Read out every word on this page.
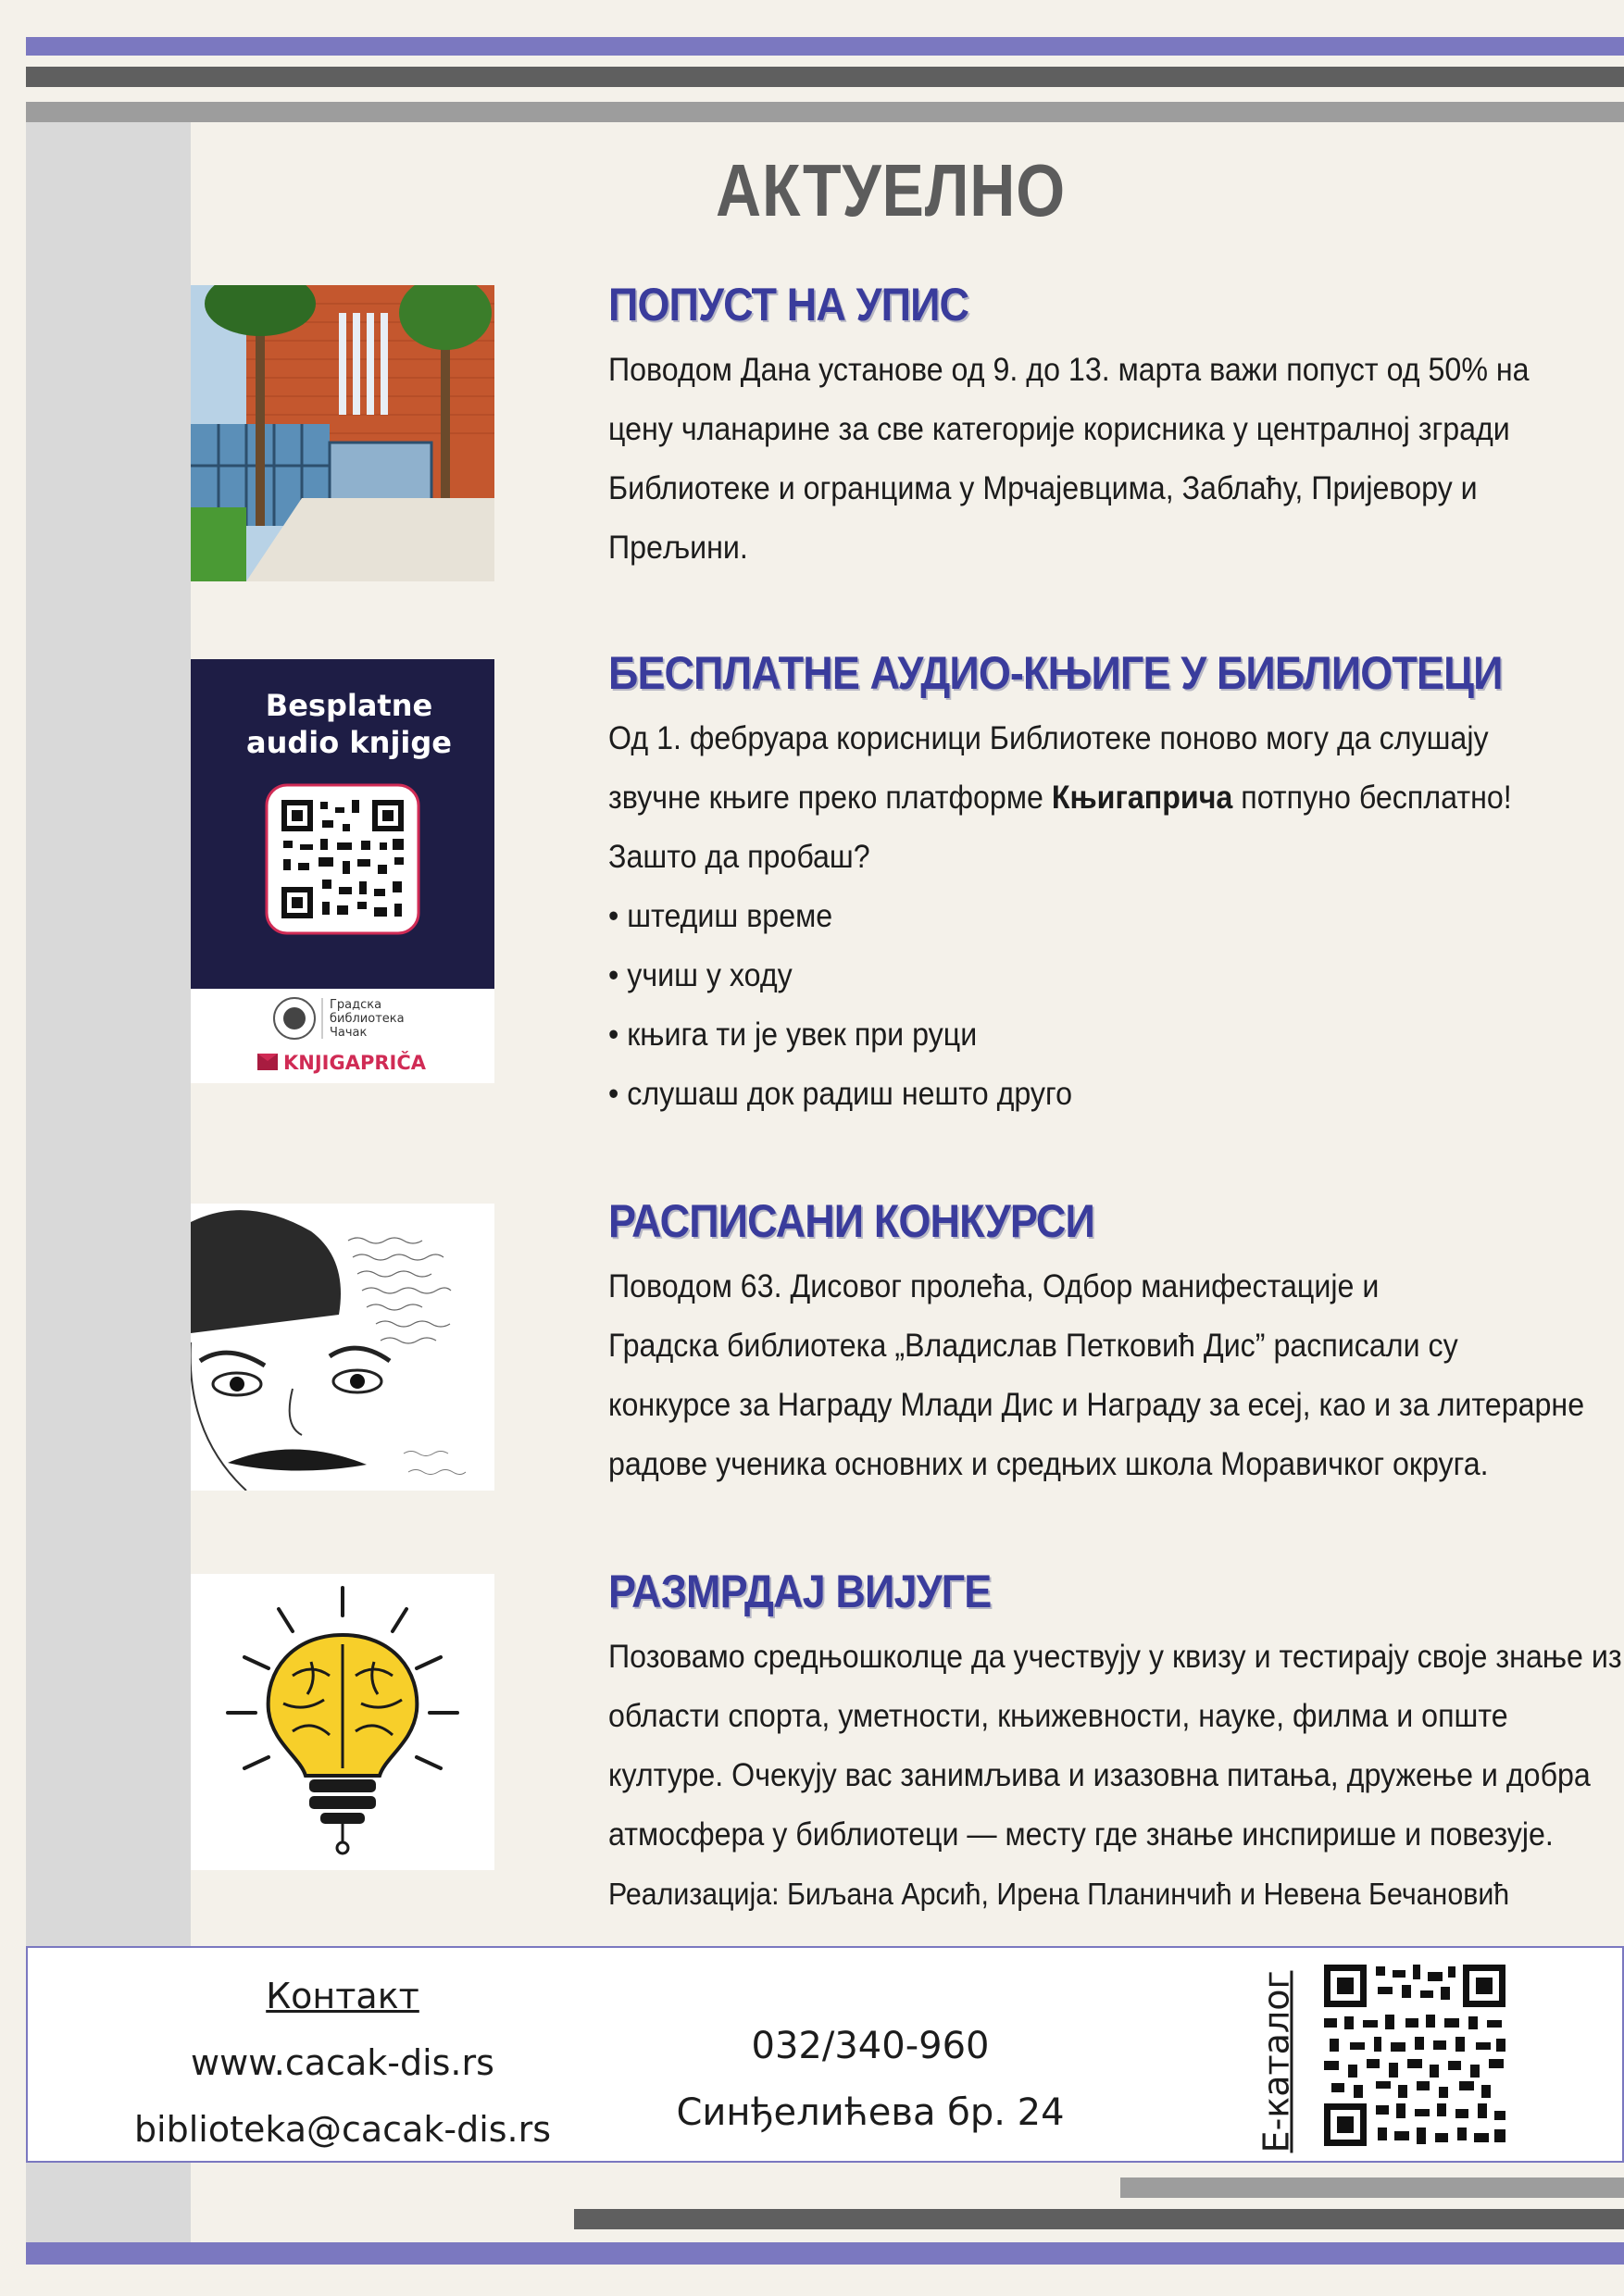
АКТУЕЛНО
Besplatne
audio knjige
Градска
библиотека
Чачак
KNJIGAPRIČA
ПОПУСТ НА УПИС

Поводом Дана установе од 9. до 13. марта важи попуст од 50% на

цену чланарине за све категорије корисника у централној згради

Библиотеке и огранцима у Мрчајевцима, Заблаћу, Пријевору и

Прељини.

БЕСПЛАТНЕ АУДИО-КЊИГЕ У БИБЛИОТЕЦИ

Од 1. фебруара корисници Библиотеке поново могу да слушају

звучне књиге преко платформе Књигаприча потпуно бесплатно!

Зашто да пробаш?

• штедиш време

• учиш у ходу

• књига ти је увек при руци

• слушаш док радиш нешто друго

РАСПИСАНИ КОНКУРСИ

Поводом 63. Дисовог пролећа, Одбор манифестације и

Градска библиотека „Владислав Петковић Дис” расписали су

конкурсе за Награду Млади Дис и Награду за есеј, као и за литерарне

радове ученика основних и средњих школа Моравичког округа.

РАЗМРДАЈ ВИЈУГЕ

Позовамо средњошколце да учествују у квизу и тестирају своје знање из

области спорта, уметности, књижевности, науке, филма и опште

културе. Очекују вас занимљива и изазовна питања, дружење и добра

атмосфера у библиотеци — месту где знање инспирише и повезује.

Реализација: Биљана Арсић, Ирена Планинчић и Невена Бечановић

Контакт
www.cacak-dis.rs
biblioteka@cacak-dis.rs
032/340-960
Синђелићева бр. 24	Е-каталог
